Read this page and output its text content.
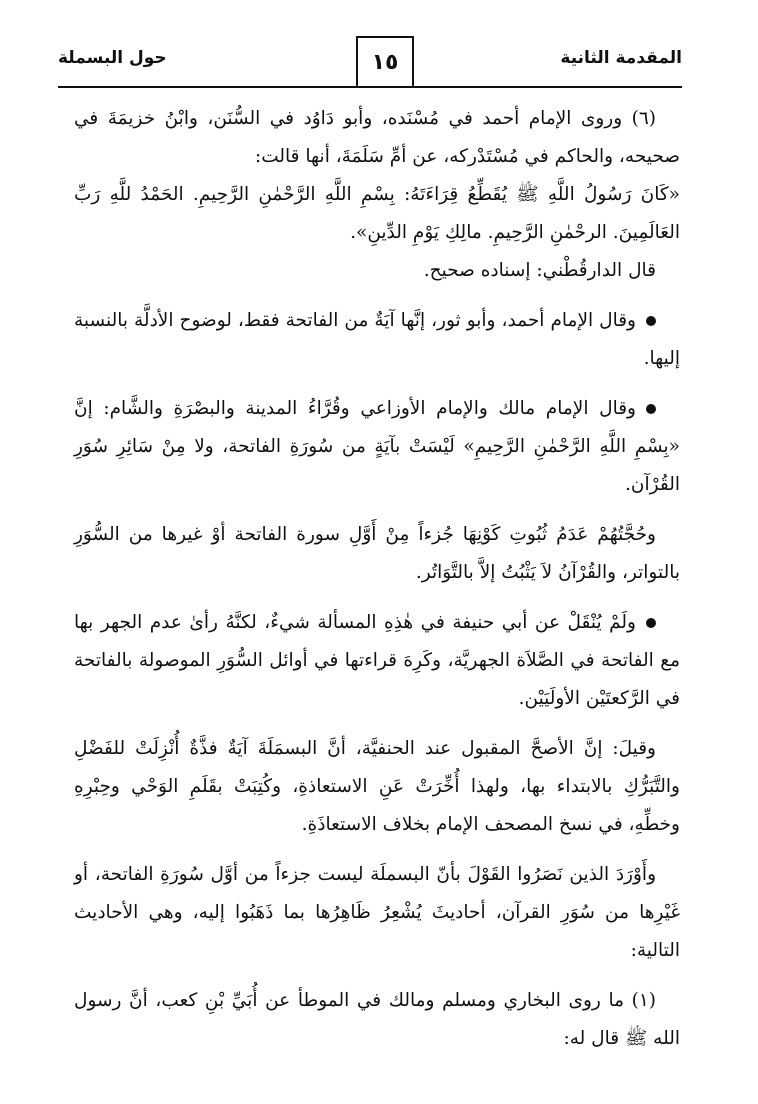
المقدمة الثانية
١٥
حول البسملة

(٦) وروى الإمام أحمد في مُسْنَده، وأبو دَاوُد في السُّنَن، وابْنُ خزيمَةَ في صحيحه، والحاكم في مُسْتَدْركه، عن أمِّ سَلَمَةَ، أنها قالت:

«كَانَ رَسُولُ اللَّهِ ﷺ يُقَطِّعُ قِرَاءَتَهُ: بِسْمِ اللَّهِ الرَّحْمٰنِ الرَّحِيمِ. الحَمْدُ للَّهِ رَبِّ العَالَمِينَ. الرحْمٰنِ الرَّحِيمِ. مالِكِ يَوْمِ الدِّينِ».

قال الدارقُطْني: إسناده صحيح.

وقال الإمام أحمد، وأبو ثور، إنَّها آيَةٌ من الفاتحة فقط، لوضوح الأدلَّة بالنسبة إليها.

وقال الإمام مالك والإمام الأوزاعي وقُرَّاءُ المدينة والبصْرَةِ والشَّام: إنَّ «بِسْمِ اللَّهِ الرَّحْمٰنِ الرَّحِيمِ» لَيْسَتْ بآيَةٍ من سُورَةِ الفاتحة، ولا مِنْ سَائِرِ سُوَرِ القُرْآن.

وحُجَّتُهُمْ عَدَمُ ثُبُوتِ كَوْنِهَا جُزءاً مِنْ أَوَّلِ سورة الفاتحة أوْ غيرها من السُّوَرِ بالتواتر، والقُرْآنُ لاَ يَثْبُتُ إلاَّ بالتَّوَاتُر.

ولَمْ يُنْقَلْ عن أبي حنيفة في هٰذِهِ المسألة شيءٌ، لكنَّهُ رأىٰ عدم الجهر بها مع الفاتحة في الصَّلاَة الجهريَّة، وكَرِهَ قراءتها في أوائل السُّوَرِ الموصولة بالفاتحة في الرَّكعتَيْن الأولَيَيْن.

وقيلَ: إنَّ الأصحَّ المقبول عند الحنفيَّة، أنَّ البسمَلَةَ آيَةٌ فذَّةٌ أُنْزِلَتْ للفَضْلِ والتَّبَرُّكِ بالابتداء بها، ولهذا أُخِّرَتْ عَنِ الاستعاذةِ، وكُتِبَتْ بقَلَمِ الوَحْي وحِبْرِهِ وخطِّهِ، في نسخ المصحف الإمام بخلاف الاستعاذَةِ.

وأَوْرَدَ الذين نَصَرُوا القَوْلَ بأنّ البسملَة ليست جزءاً من أوَّل سُورَةِ الفاتحة، أو غَيْرِها من سُوَرِ القرآن، أحاديثَ يُشْعِرُ ظَاهِرُها بما ذَهَبُوا إليه، وهي الأحاديث التالية:

(١) ما روى البخاري ومسلم ومالك في الموطأ عن أُبَيِّ بْنِ كعب، أنَّ رسول الله ﷺ قال له:
